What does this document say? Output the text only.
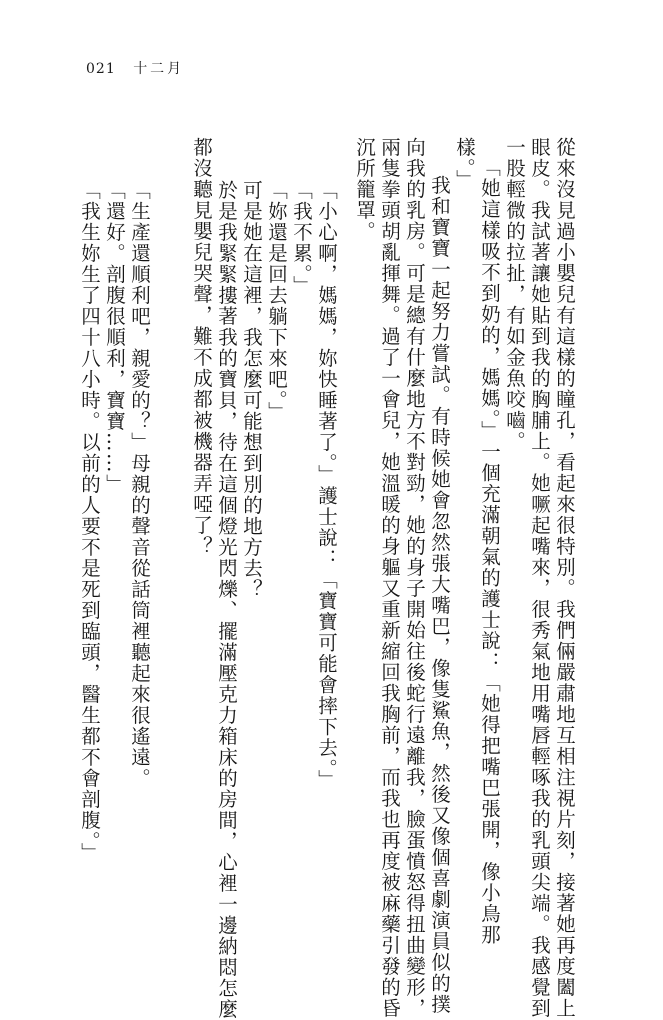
021 十二月
從來沒見過小嬰兒有這樣的瞳孔，看起來很特別。我們倆嚴肅地互相注視片刻，接著她再度闔上
眼皮。我試著讓她貼到我的胸脯上。她噘起嘴來，很秀氣地用嘴唇輕啄我的乳頭尖端。我感覺到
一股輕微的拉扯，有如金魚咬嚙。
「她這樣吸不到奶的，媽媽。」一個充滿朝氣的護士說：「她得把嘴巴張開，像小鳥那
樣。」
我和寶寶一起努力嘗試。有時候她會忽然張大嘴巴，像隻鯊魚，然後又像個喜劇演員似的撲
向我的乳房。可是總有什麼地方不對勁，她的身子開始往後蛇行遠離我，臉蛋憤怒得扭曲變形，
兩隻拳頭胡亂揮舞。過了一會兒，她溫暖的身軀又重新縮回我胸前，而我也再度被麻藥引發的昏
沉所籠罩。
「小心啊，媽媽，妳快睡著了。」護士說：「寶寶可能會摔下去。」
「我不累。」
「妳還是回去躺下來吧。」
可是她在這裡，我怎麼可能想到別的地方去？
於是我緊緊摟著我的寶貝，待在這個燈光閃爍、擺滿壓克力箱床的房間，心裡一邊納悶怎麼
都沒聽見嬰兒哭聲，難不成都被機器弄啞了？
「生產還順利吧，親愛的？」母親的聲音從話筒裡聽起來很遙遠。
「還好。剖腹很順利，寶寶……」
「我生妳生了四十八小時。以前的人要不是死到臨頭，醫生都不會剖腹。」
